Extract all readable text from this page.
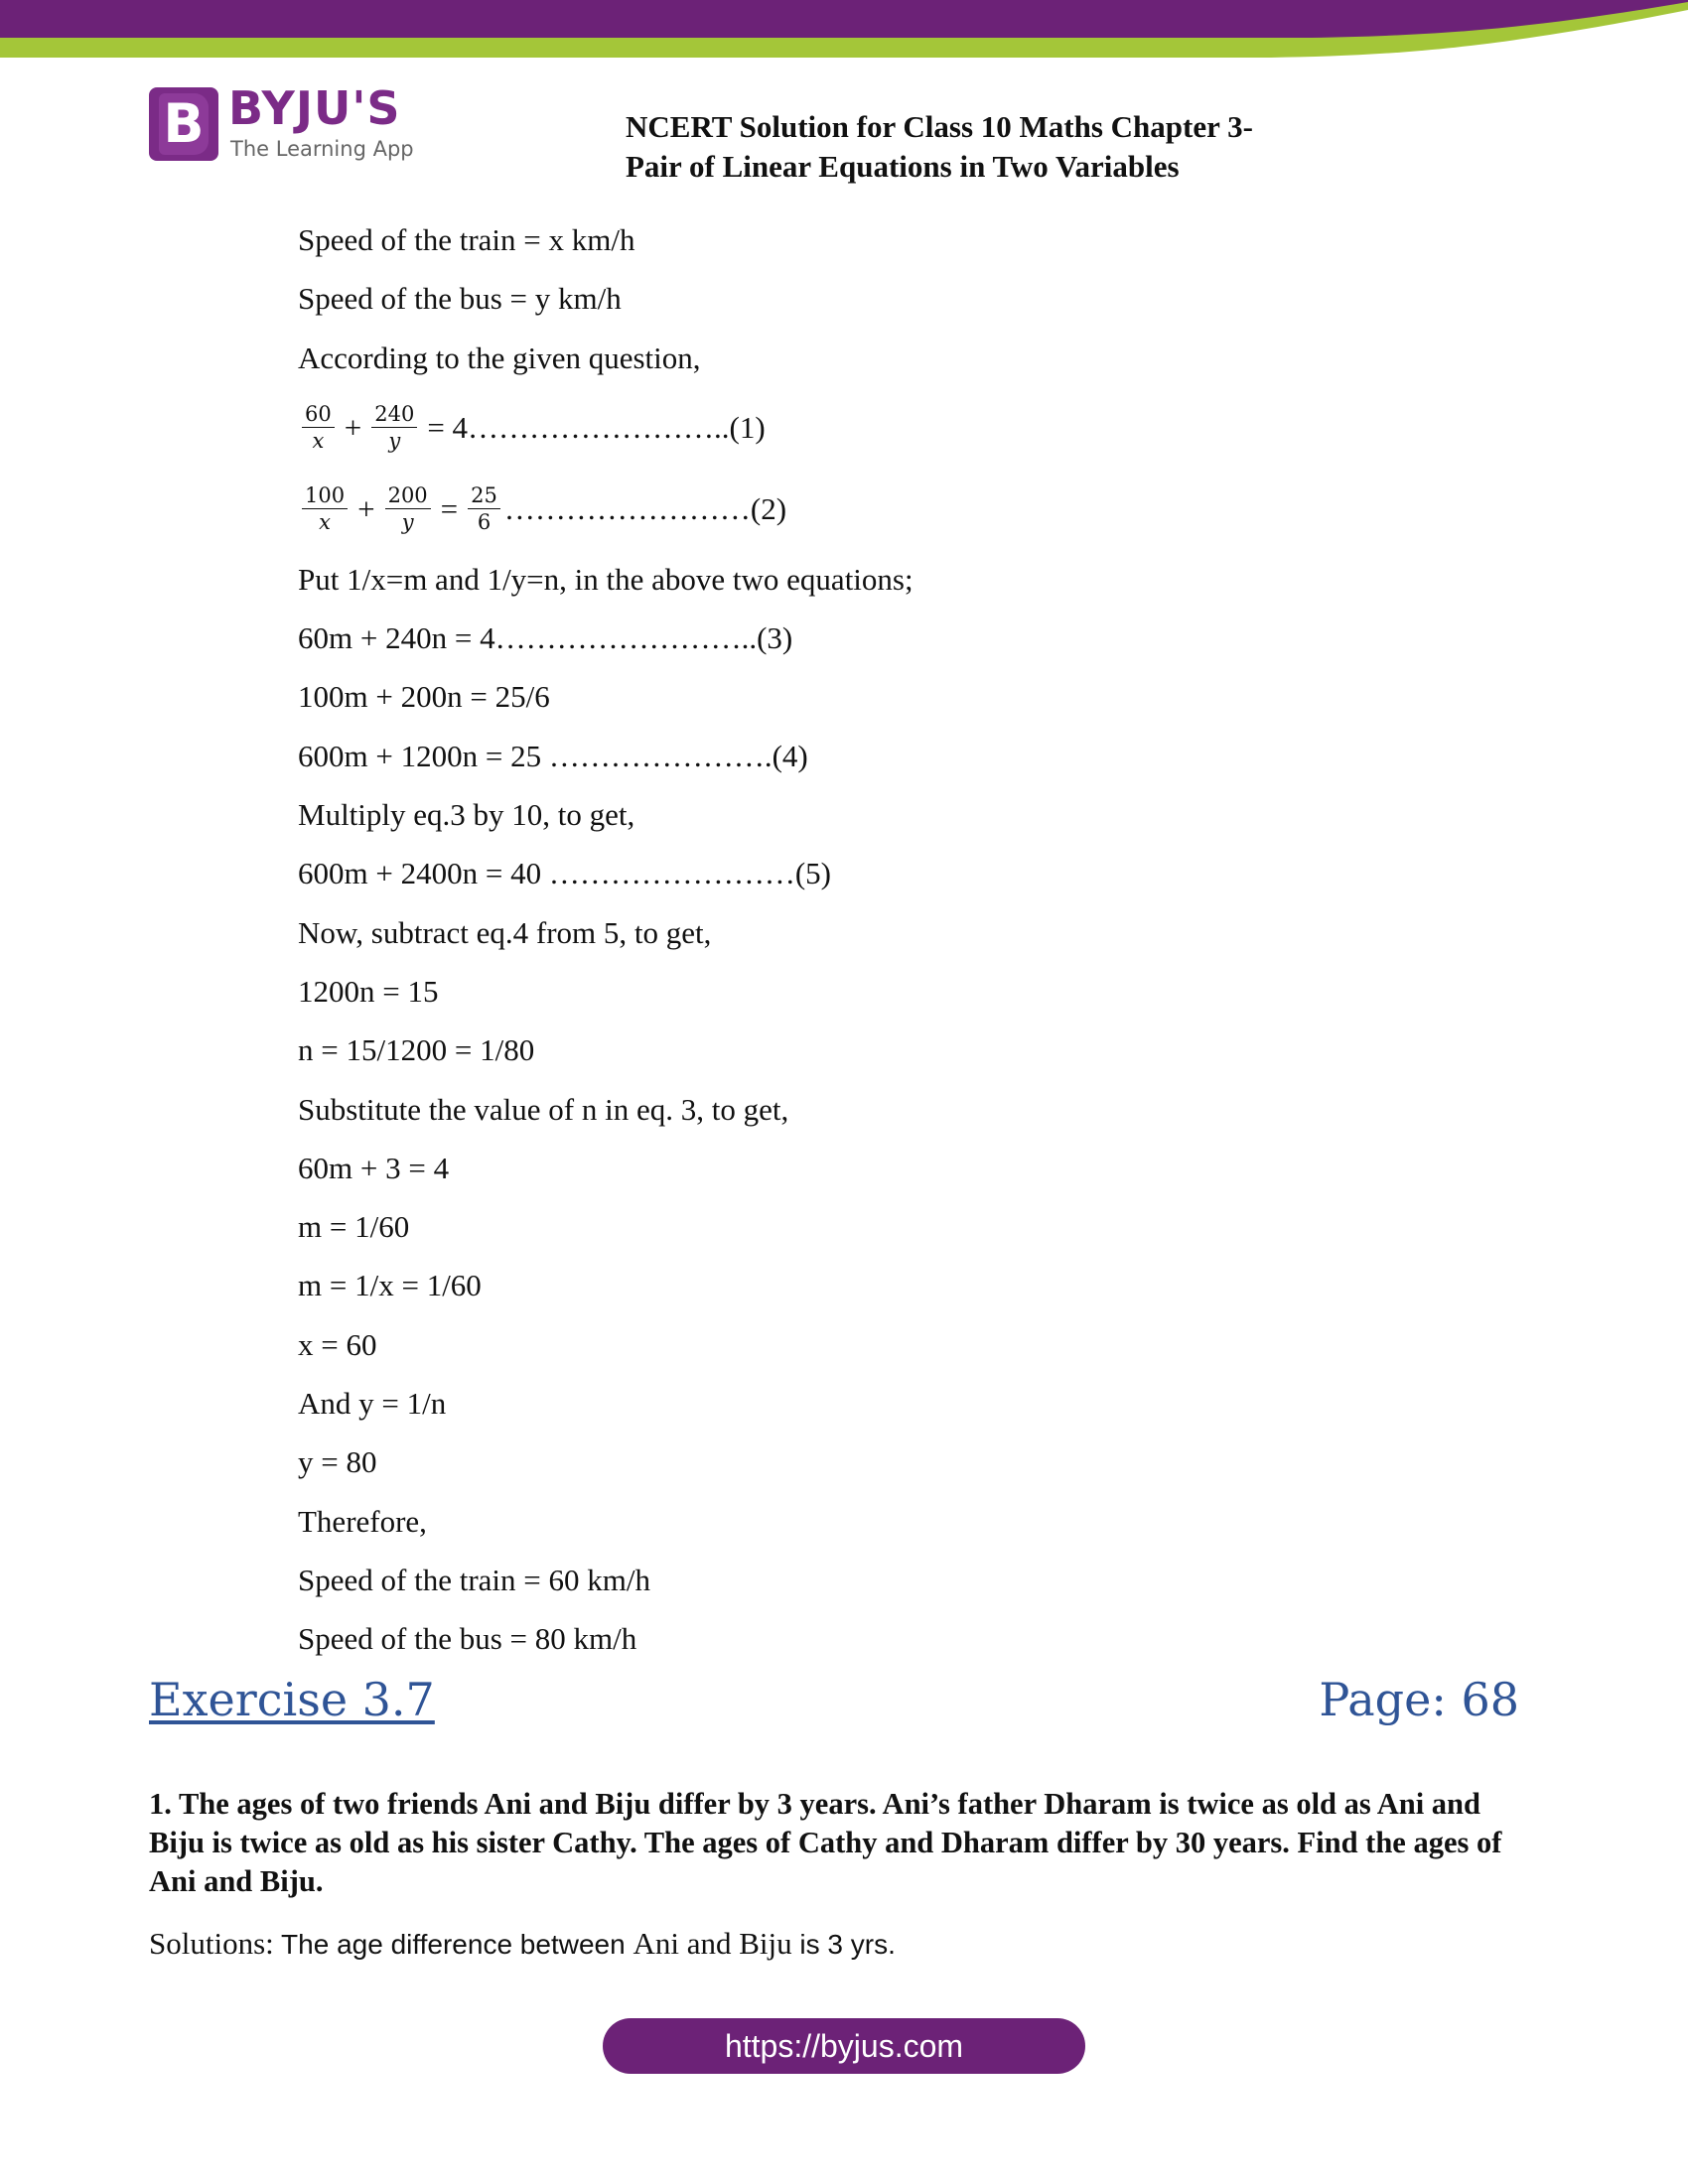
B BYJU'S
The Learning App
NCERT Solution for Class 10 Maths Chapter 3-
Pair of Linear Equations in Two Variables
Speed of the train = x km/h
Speed of the bus = y km/h
According to the given question,
$\frac{60}{x} + \frac{240}{y}$ = 4……………………..(1)
$\frac{100}{x} + \frac{200}{y} = \frac{25}{6}$ ……………………(2)
Put 1/x=m and 1/y=n, in the above two equations;
60m + 240n = 4……………………..(3)
100m + 200n = 25/6
600m + 1200n = 25 ………………….(4)
Multiply eq.3 by 10, to get,
600m + 2400n = 40 ……………………(5)
Now, subtract eq.4 from 5, to get,
1200n = 15
n = 15/1200 = 1/80
Substitute the value of n in eq. 3, to get,
60m + 3 = 4
m = 1/60
m = 1/x = 1/60
x = 60
And y = 1/n
y = 80
Therefore,
Speed of the train = 60 km/h
Speed of the bus = 80 km/h
Exercise 3.7	Page: 68
1. The ages of two friends Ani and Biju differ by 3 years. Ani’s father Dharam is twice as old as Ani and Biju is twice as old as his sister Cathy. The ages of Cathy and Dharam differ by 30 years. Find the ages of Ani and Biju.
Solutions: The age difference between Ani and Biju is 3 yrs.
https://byjus.com
